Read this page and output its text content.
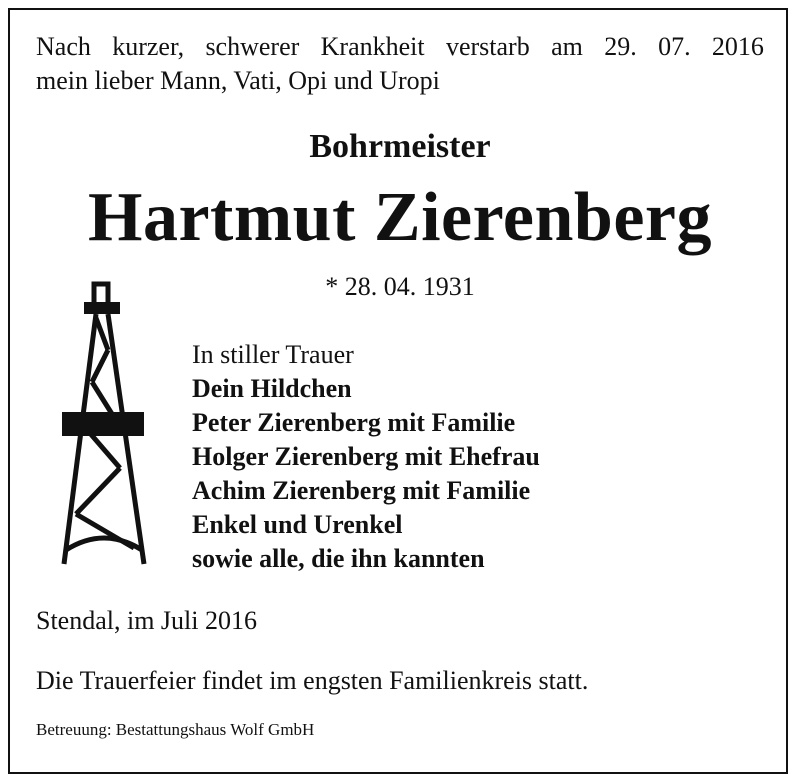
Nach kurzer, schwerer Krankheit verstarb am 29. 07. 2016
mein lieber Mann, Vati, Opi und Uropi
Bohrmeister
Hartmut Zierenberg
* 28. 04. 1931
In stiller Trauer
Dein Hildchen
Peter Zierenberg mit Familie
Holger Zierenberg mit Ehefrau
Achim Zierenberg mit Familie
Enkel und Urenkel
sowie alle, die ihn kannten
Stendal, im Juli 2016
Die Trauerfeier findet im engsten Familienkreis statt.
Betreuung: Bestattungshaus Wolf GmbH
